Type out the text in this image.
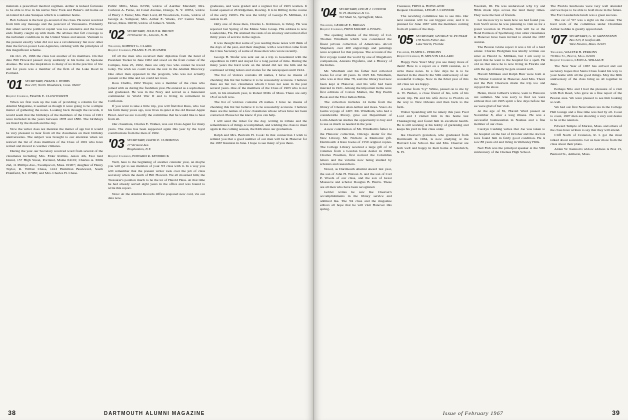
maintain a prescribed medical regimen. Arthur is indeed fortunate to be able to live in his native New York and Baker's old home on an island in Lake Sunapee which is a summer home.

Bob Jackson is the best go-around of the class. He never received from him any message and the postcard of Vanousetta. Evidently that smart service political capital was too extensive and the loose ends finally caught up with them. He advises that fall coverage to the turbulent conditions in the United States and unrest. Vietnam to the present exactly what did not see a revolutionary but now other than the fervor-power Less Agencies, sticking with the principles of this magnificent scheme.

On Oct. 25, 1966 the class lost another of its members. On that date Bill Howard passed away suddenly at his home on Spokane Avenue. He was the inspiration to many of us in the practice of law and for years was a member of the firm of the Lake Road in Portland.

'01 SECRETARY, FRANK J. HOBBS
Box 207, North Woodstock, Conn. 06267
Request Charman, FRANK E. CLOWWORTH

When we first took up the task of providing a column for the Alumni Magazine, it seemed as though it were going to be a simple matter of gathering the notes. Looking back through the records, it would seem that the birthdays of the members of the Class of 1901 were included in the years between 1878 and 1880. The birthdays are listed by the month and the day.

Now the writer does not mention the matter of age but it would be very pleasant to hear from all the classmates on their birthday anniversaries. The subject was brought to our attention when we noticed the list of class members of the Class of 1901 who have retired and moved to warmer climates.

During the year our Secretary received word from several of the classmates including Mrs. Elder Rollins, Aston 4th, East land Island, 157 High Street, Portland, Maine 04101; Charles A. Mills 2nd, 11 Phillips Ave., Swampscott, Mass. 01907; daughter of Henry Taylor, R. Wilbur Chase, 1412 Hamilton Boulevard, South Plainfield, N.J. 07080; and Mrs. Charles H. Chase.

Public Mills, Mass. 02330, widow of Aurthur Marshall; Mrs. Carleton A. Ferne, 44 Canal Avenue, Orange, N. Y. 10952, widow of Harry J. Ferne; Mrs. Burt Lord, 48 Woodstock, Conn., widow of George A. Sampson; Mrs. Arthur E. Weeks, 157 Centre Street, Dover, Mass. 02030, widow of James S. Smith.

'02 SECRETARY, JULIUS R. BROWN
10 Wheeler St., Lincoln, N. H.
Treasurer, ROBERT G. CLARK
Request Chairman, FRANK E. H. PLUMER

Of all the men who received their diplomas from the hand of President Tucker in June 1902 and stood on the front corner of the Campus, June 25, 1902, there are only two who cannot be traced today. We wish we could locate the rest in the Alumni Directory. One other man appeared in the program, who was not actually present at the time and we could not trace.

Ross Chellis, 1902 Thayer, was a member of the class who joined with us during the freshman year. He entered as a sophomore and graduated. He was in the Navy and served as a lieutenant commander in World War II and is living in retirement in California.

If you want to take a little trip, you will find that Russ, who lost his farm many years ago, now lives in quiet at the old Russet Apple Hotel. And we are to notify the committee that he would like to hear from all.

Our classmate, Charles E. Walker, was our Class Agent for many years. The class has been supported again this year by the loyal contributions from the men of 1902.

'03 SECRETARY, DAVID E. CUMMINGS
17 Vermont Ave.
Binghamton, N.Y.
Request Chairman, EDWARD R. KENDRICK

Well, here is the beginning of another calendar year, an maybe you will get to see mention of your '03 class with it. In a way you will remember that the present writer took over the job of class secretary when the death of Bill Howard. We all mourned him; the Treasurer's position much to be the lot of Harold Hess. At that time he had already served eight years in the office and was bound to write this report.

Note: At the Alumni Records Office prepared new card, via our data now.

graduates, and were graded and a register list of 1903 women. It found opened at 26 Ridgeman, Rowing. It is in Rilling in the course of the early 1900's. He was the lobby of George B. Milliken, 21 assists in all.

Only one of those men, Charles L. Robinson, is living. He was reported last Spring of the Maine State Group. His address is now Lauderdale, Fla. He attained the rank of an attorney and retired after thirty years of service in the region.

It was thought that some of you reading these notes will think of the days of the past, and their daughter, with a word that came from the Class Secretary of some of those men who wrote recently.

George B. Shafer was sent out on a trip to Greenland with the expedition in 1903 and stayed for a long period of time. During the many years the hard work on the island did not tire him and he continued writing letters and stories for the newspapers until 1924.

The list of visitors contains 26 names, I have no means of checking this list but believe it to be reasonably accurate. I believe there are but two classmates whom I have not seen in the past several years. One of the members of the Class of 1903 who is not well, in his ninetieth year, is Robert Mills of Mass. There are only 18 of us left now.

The list of widows contains 26 names. I have no means of checking this list but believe it to be reasonably accurate. I believe there are the names of a few classmates whose wives have not been contacted. Please let me know if you can help.

I will send the ticket for the day, writing in tribute and the remembrance of things accomplished, and wishing the class to meet again in the coming season, the 64th since our graduation.

Ralph and Mrs. Bertram H. Cook: In that connection I wish to remind you that a good number of our men will be in Hanover for the 1967 Reunion in June. I hope to see many of you there.

38	DARTMOUTH ALUMNI MAGAZINE
'04 SECRETARY, LEIGH J. CONNOR
W. H. Matthews & Co.
310 Main St., Springfield, Mass.
Treasurer, GEORGE E. BRIGGS
Request Chairman, FRED MOORE 4. ENGEL

The opening remarks of the library of Col. Thomas Windham which was considered the finest private collection of Americana. Alcott Shepherd, over 400 engravings and paintings were acquired for that purpose. The account of the first voyage round the world by one of Magellan's companions, Antonio Pigafetta, and a History of the Indies.

Mr. Windham and his father had collected books for over 40 years. In 1925 Mr. Windham, who was at that time 78, said the library had now been kept at Hanover, and his wife had been married in 1921. Among the important items were first editions of Cotton Mather, the Bay Psalm Book and the Eliot Indian Bible.

The collection includes 14 items from the library of Chester Alan Arthur and more. Vasco da Gama voyage of 1497. Mr. Windham, who had a considerable library, gave our Department of Latin American studies the opportunity to buy and to use as much as needed in the year.

A new contribution of Mr. Windham's father to the Hanover collection, Chicago dealer for the New Library, Mr. Nichols: A Memorial gift. Dartmouth: 4 Rare books of 1550 original copies. The College Library received a large gift of 12 volumes from a London book dealer in 1960, Charles Freeman, first noticed the Columbus letters and the volume now being studied by scholars and researchers.

Noted, as Dartmouth Alumni Award last year, the son of John H. Watson Jr. and the son of Carl P. Woods of our class, and the son of Great Massacre and scholar Douglas B. Harris. These are all men who have been recognized.

Goblet writes he saw Ike Cheever's accomplishments in the library service and admired Ike. The '04 class and the magazine editors all hope that he will visit Hanover this spring.

Treasurer, FRED A. HOWLAND
Request Chairman, LEIGH J. CONNOR

The receiving committee has to see this. Our next reunion will be our biggest ever, and it is planned for June 1967 with the members coming from all points of the map.

'05 SECRETARY, GEORGE W. PUTNAM
178 North Fuller Ave.
Lake Worth, Florida
Treasurer, ELMER L. PERKINS
Request Chairman, H. MELVIN LILLARD

Happy New Year! May you see many more of them! Here is a report on a 1966 reunion, as I write these notes. In a few days he is to be married in the church: the 50th anniversary of our wonderful College. Now in the 62nd year of this old class we are happy.

A letter from "Cy" White, passed on to me by A. W. Barker, a close friend of his, tells of his recent trip. He and his wife drove to Florida on the way to New Orleans and then back to the farm.

Walter Spaulding will be ninety this year. Fred Lord and I visited him in his home last Thanksgiving and found him in excellent health. He is still working at his hobby of gardening and keeps his yard in first class order.

Ike Cheever's grandson, who graduated from Dartmouth in 1964, is now studying at the Harvard Law School. Ike and Mrs. Cheever are both well and happy in their home at Sandwich, N. H.

Freedom, III. He was understood why Cy and Hilda made trips across the land many times. They were the best of friends.

Let me now try to learn how we had found you. Tom Swift wrote he was planning to visit us for a grand vacation in Florida. Tom will be at the Hotel Pattison of Spellsburg. Our older classmates in Hanover have been invited to attend the 1967 reunion.

The Boston Globe report it was a bit of a hard winter. Charles Hodgman has kindly written our letter as Harold G. Milliken, but I am sorry to report that he went to the hospital for a spell. He told us that since he is now living in Florida and with the age of ninety he gets around well.

Harold Milliken and Ralph Burr were both at the Winter Carnival in Hanover. And Mrs. Thorn and the Bob Cheevers made the trip too and enjoyed the show.

Helen, Oscar Gilbert's widow, went to Hanover last summer. She was sorry to find we were without that old 1905 spirit a few days before but we were glad of her visit.

At the age of 81, Harold Ward passed on November 8, after a long illness. He was a successful businessman in Nashua and a fine member of our class.

Carolyn Cushing writes that Joe was taken to the hospital on the last of October and the doctors have found him in fairly good condition. He is now 88 years old and living in Wellesley Hills.

Ned Fish was the principal speaker at the 50th anniversary of the Chelsea High School.

The Florida luncheons were very well attended and we hope to be able to hold more in the future. The Fort Lauderdale lunch was a great success.

The car of "07 was a sight on the corner. The hard work of the committee under Chairman Arthur Gohlke is greatly appreciated.

'07 SECRETARY, G. W. GREENSTEIN
Box 323, 8 Grafton Rd.
West Newton, Mass. 02165
Treasurer, WALTER H. PERKINS
79 Milk St., Boston, Mass. 02109
Request Chairman, LEON A. SPRAGUE

The New Year of 1967 has arrived and our secretary hopes that Santa Claus found his way to your home with all the good things. May the 60th anniversary of the class bring us all together in June.

Perhaps Nilo and I had the pleasure of a visit with Bob Reed, who gave us a fine report of the Boston area. We were pleased to see him looking so well.

We had our first Newcomers tea in the College Hall lounge and a fine time was had by all. Coast to coast, 1907 men are showing a very real desire to be at the reunion.

Edward Temple of Marion, Mass. and others of the class have written to say that they will attend.

Cliff North of Cranston, R. I. got the most talked about souvenirs. Let us hear more from the class about their plans.

Alden W. Kennon's widow address is Box 15, Bernard St., Amherst, Mass.

Issue of February 1967	39
